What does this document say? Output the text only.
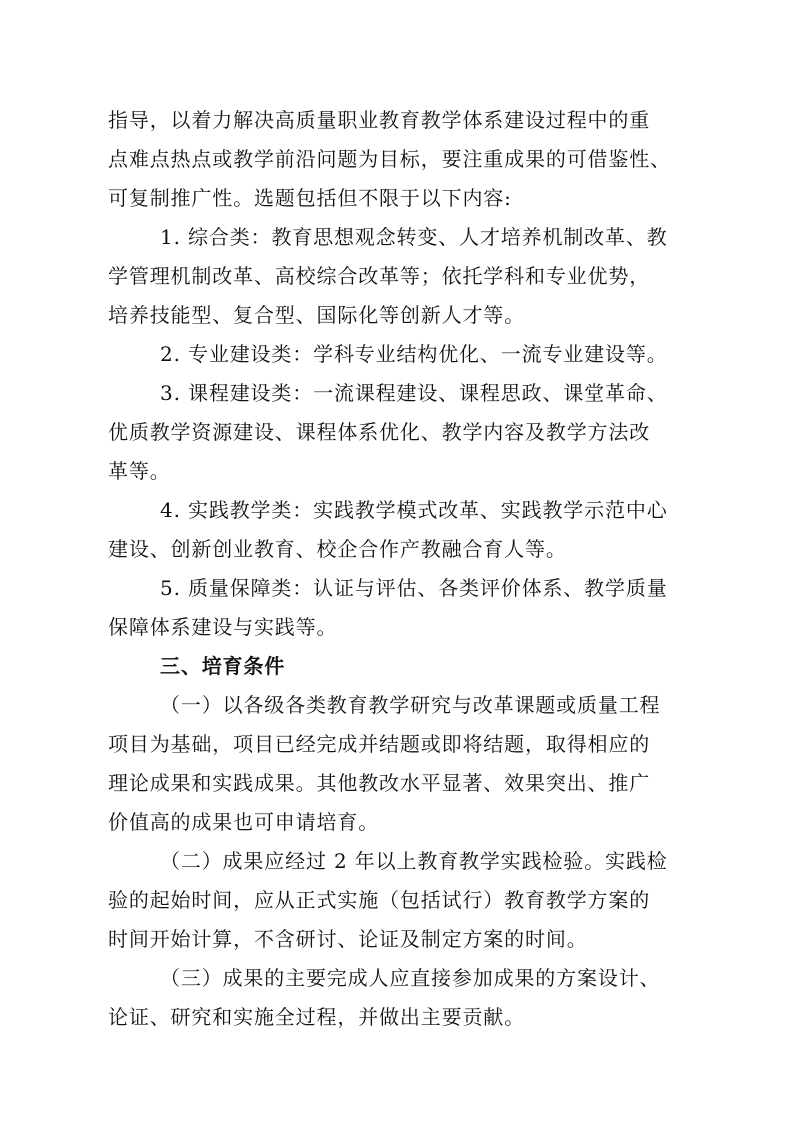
指导，以着力解决高质量职业教育教学体系建设过程中的重

点难点热点或教学前沿问题为目标，要注重成果的可借鉴性、

可复制推广性。选题包括但不限于以下内容:

1. 综合类：教育思想观念转变、人才培养机制改革、教

学管理机制改革、高校综合改革等；依托学科和专业优势，

培养技能型、复合型、国际化等创新人才等。

2. 专业建设类：学科专业结构优化、一流专业建设等。

3. 课程建设类：一流课程建设、课程思政、课堂革命、

优质教学资源建设、课程体系优化、教学内容及教学方法改

革等。

4. 实践教学类：实践教学模式改革、实践教学示范中心

建设、创新创业教育、校企合作产教融合育人等。

5. 质量保障类：认证与评估、各类评价体系、教学质量

保障体系建设与实践等。

三、培育条件

（一）以各级各类教育教学研究与改革课题或质量工程

项目为基础，项目已经完成并结题或即将结题，取得相应的

理论成果和实践成果。其他教改水平显著、效果突出、推广

价值高的成果也可申请培育。

（二）成果应经过 2 年以上教育教学实践检验。实践检

验的起始时间，应从正式实施（包括试行）教育教学方案的

时间开始计算，不含研讨、论证及制定方案的时间。

（三）成果的主要完成人应直接参加成果的方案设计、

论证、研究和实施全过程，并做出主要贡献。
